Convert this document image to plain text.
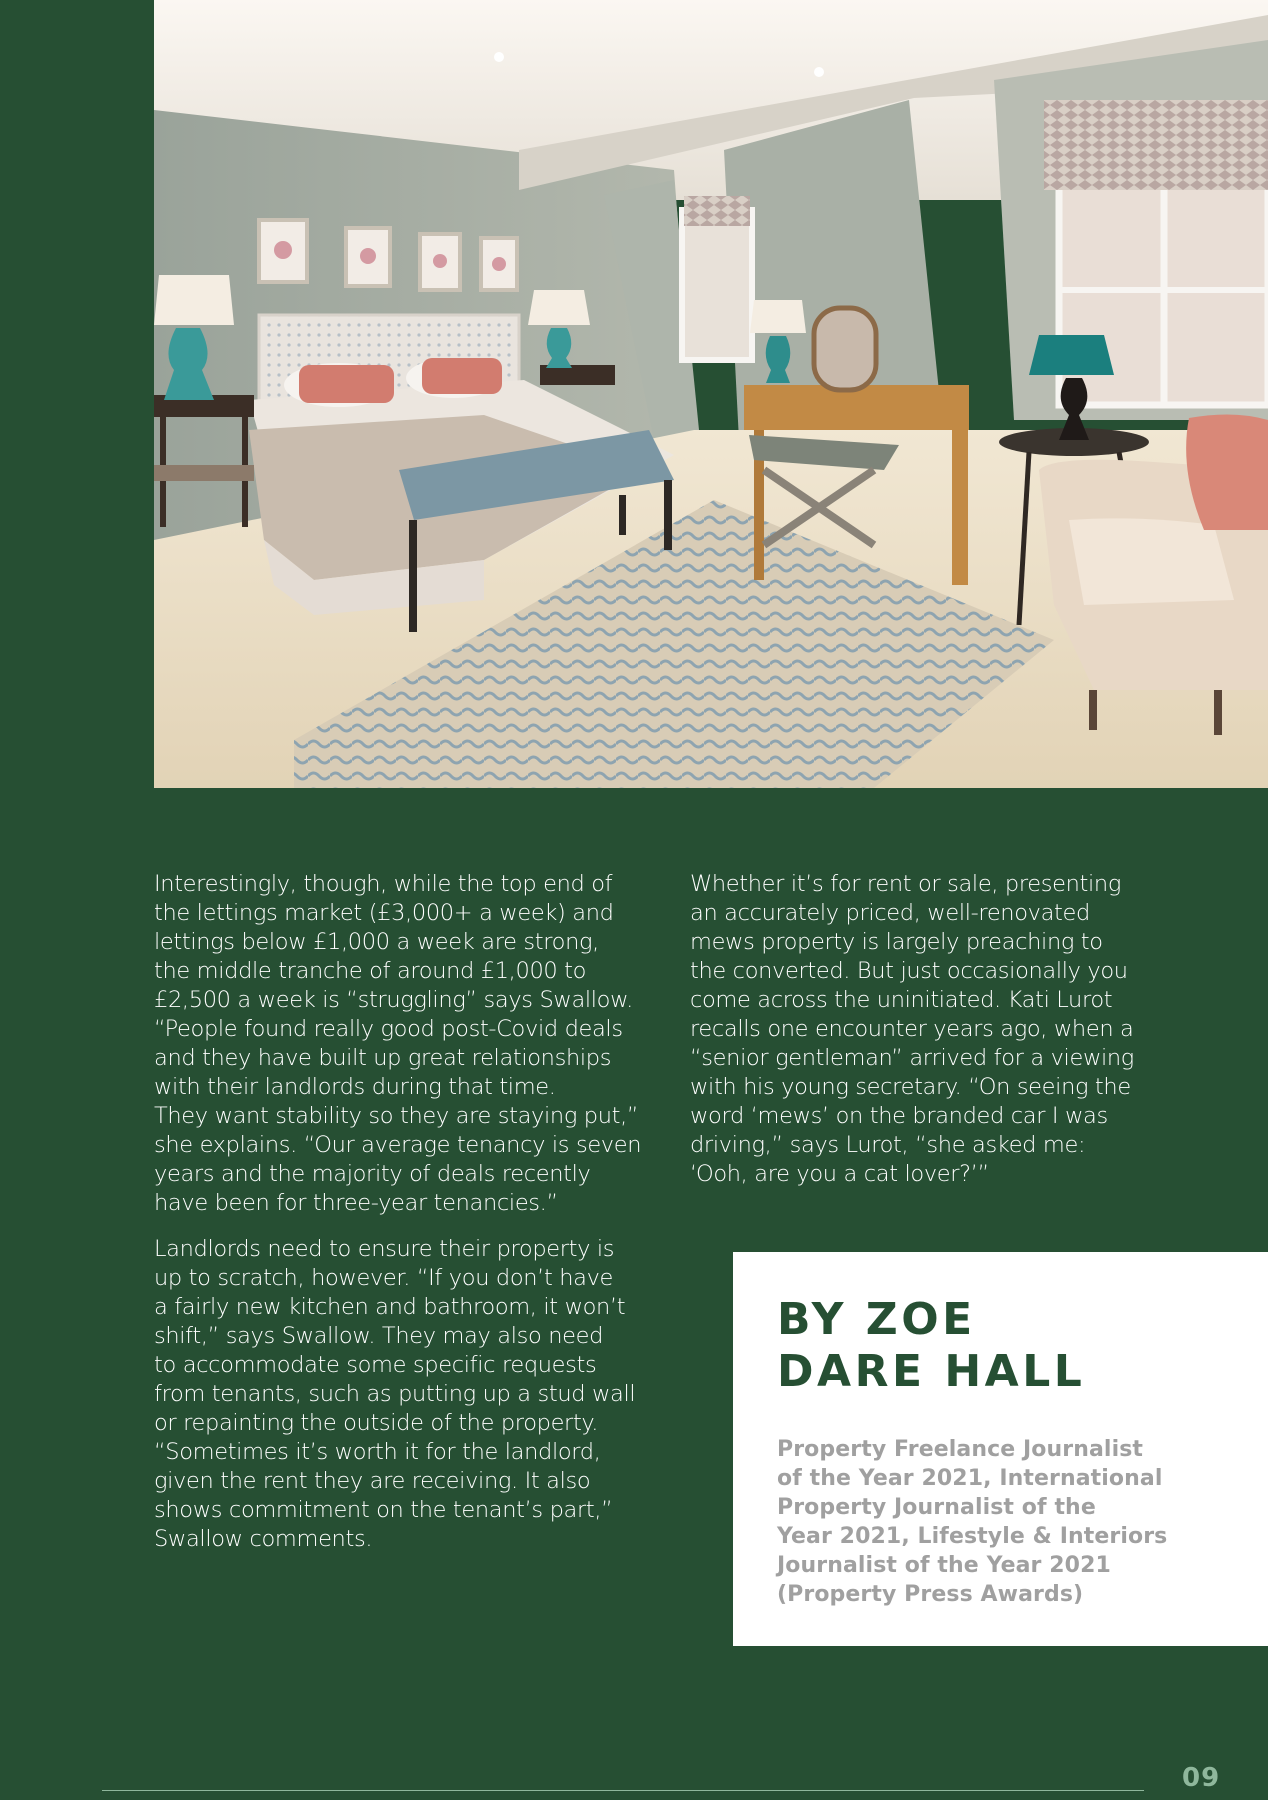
Interestingly, though, while the top end of
the lettings market (£3,000+ a week) and
lettings below £1,000 a week are strong,
the middle tranche of around £1,000 to
£2,500 a week is “struggling” says Swallow.
“People found really good post-Covid deals
and they have built up great relationships
with their landlords during that time.
They want stability so they are staying put,”
she explains. “Our average tenancy is seven
years and the majority of deals recently
have been for three-year tenancies.”

Landlords need to ensure their property is
up to scratch, however. “If you don’t have
a fairly new kitchen and bathroom, it won’t
shift,” says Swallow. They may also need
to accommodate some specific requests
from tenants, such as putting up a stud wall
or repainting the outside of the property.
“Sometimes it’s worth it for the landlord,
given the rent they are receiving. It also
shows commitment on the tenant’s part,”
Swallow comments.

Whether it’s for rent or sale, presenting
an accurately priced, well-renovated
mews property is largely preaching to
the converted. But just occasionally you
come across the uninitiated. Kati Lurot
recalls one encounter years ago, when a
“senior gentleman” arrived for a viewing
with his young secretary. “On seeing the
word ‘mews’ on the branded car I was
driving,” says Lurot, “she asked me:
‘Ooh, are you a cat lover?’”

BY ZOE
DARE HALL

Property Freelance Journalist
of the Year 2021, International
Property Journalist of the
Year 2021, Lifestyle & Interiors
Journalist of the Year 2021
(Property Press Awards)

09
